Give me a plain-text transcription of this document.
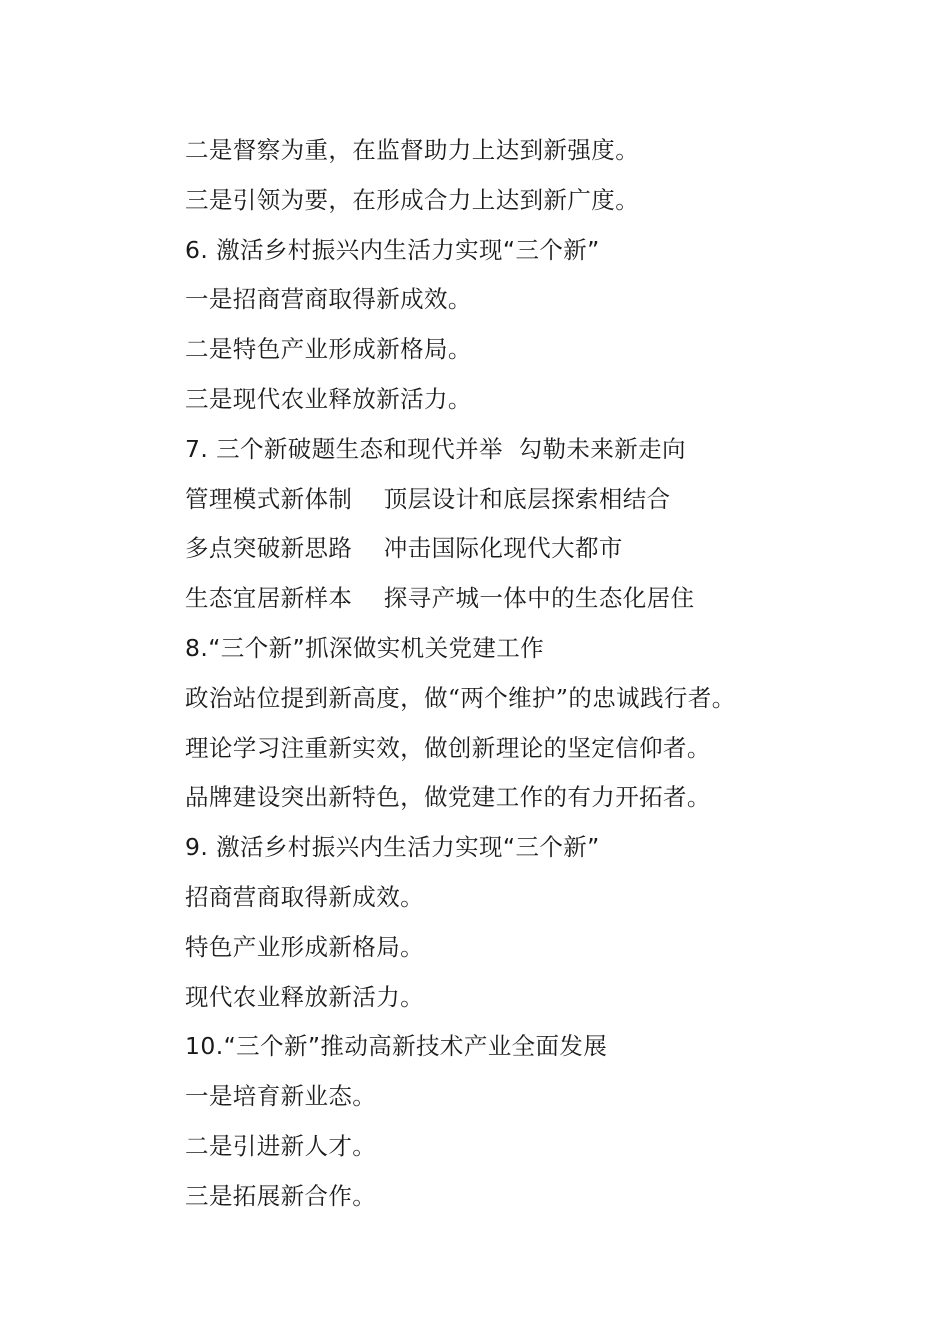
二是督察为重，在监督助力上达到新强度。
三是引领为要，在形成合力上达到新广度。
6. 激活乡村振兴内生活力实现“三个新”
一是招商营商取得新成效。
二是特色产业形成新格局。
三是现代农业释放新活力。
7. 三个新破题生态和现代并举  勾勒未来新走向
管理模式新体制    顶层设计和底层探索相结合
多点突破新思路    冲击国际化现代大都市
生态宜居新样本    探寻产城一体中的生态化居住
8.“三个新”抓深做实机关党建工作
政治站位提到新高度，做“两个维护”的忠诚践行者。
理论学习注重新实效，做创新理论的坚定信仰者。
品牌建设突出新特色，做党建工作的有力开拓者。
9. 激活乡村振兴内生活力实现“三个新”
招商营商取得新成效。
特色产业形成新格局。
现代农业释放新活力。
10.“三个新”推动高新技术产业全面发展
一是培育新业态。
二是引进新人才。
三是拓展新合作。
